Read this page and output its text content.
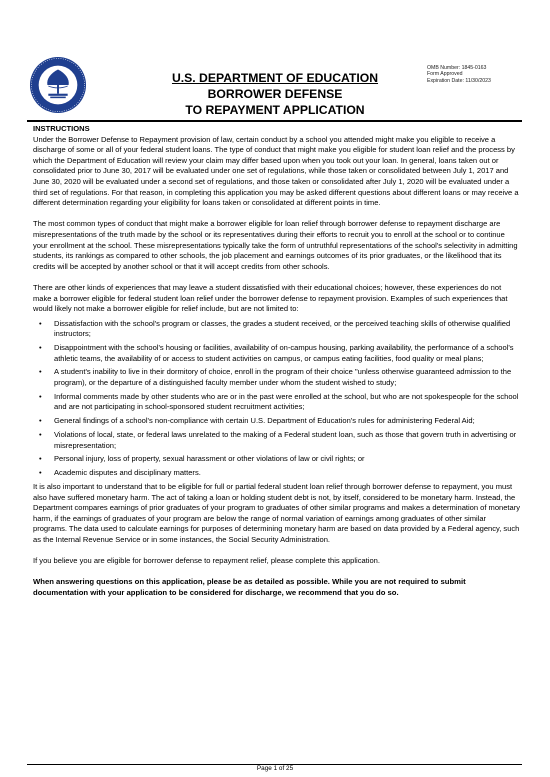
U.S. DEPARTMENT OF EDUCATION
BORROWER DEFENSE
TO REPAYMENT APPLICATION
OMB Number: 1845-0163
Form Approved
Expiration Date: 11/30/2023

INSTRUCTIONS

Under the Borrower Defense to Repayment provision of law, certain conduct by a school you attended might make you eligible to receive a discharge of some or all of your federal student loans. The type of conduct that might make you eligible for student loan relief and the process by which the Department of Education will review your claim may differ based upon when you took out your loan. In general, loans taken out or consolidated prior to June 30, 2017 will be evaluated under one set of regulations, while those taken or consolidated between July 1, 2017 and June 30, 2020 will be evaluated under a second set of regulations, and those taken or consolidated after July 1, 2020 will be evaluated under a third set of regulations. For that reason, in completing this application you may be asked different questions about different loans or may receive a different determination regarding your eligibility for loans taken or consolidated at different points in time.

The most common types of conduct that might make a borrower eligible for loan relief through borrower defense to repayment discharge are misrepresentations of the truth made by the school or its representatives during their efforts to recruit you to enroll at the school or to continue your enrollment at the school. These misrepresentations typically take the form of untruthful representations of the school's selectivity in admitting students, its rankings as compared to other schools, the job placement and earnings outcomes of its prior graduates, or the likelihood that its credits will be accepted by another school or that it will accept credits from other schools.

There are other kinds of experiences that may leave a student dissatisfied with their educational choices; however, these experiences do not make a borrower eligible for federal student loan relief under the borrower defense to repayment provision. Examples of such experiences that would likely not make a borrower eligible for relief include, but are not limited to:

• Dissatisfaction with the school's program or classes, the grades a student received, or the perceived teaching skills of otherwise qualified instructors;
• Disappointment with the school's housing or facilities, availability of on-campus housing, parking availability, the performance of a school's athletic teams, the availability of or access to student activities on campus, or campus eating facilities, food quality or meal plans;
• A student's inability to live in their dormitory of choice, enroll in the program of their choice "unless otherwise guaranteed admission to the program), or the departure of a distinguished faculty member under whom the student wished to study;
• Informal comments made by other students who are or in the past were enrolled at the school, but who are not spokespeople for the school and are not participating in school-sponsored student recruitment activities;
• General findings of a school's non-compliance with certain U.S. Department of Education's rules for administering Federal Aid;
• Violations of local, state, or federal laws unrelated to the making of a Federal student loan, such as those that govern truth in advertising or misrepresentation;
• Personal injury, loss of property, sexual harassment or other violations of law or civil rights; or
• Academic disputes and disciplinary matters.

It is also important to understand that to be eligible for full or partial federal student loan relief through borrower defense to repayment, you must also have suffered monetary harm. The act of taking a loan or holding student debt is not, by itself, considered to be monetary harm. Instead, the Department compares earnings of prior graduates of your program to graduates of other similar programs and makes a determination of monetary harm, if the earnings of graduates of your program are below the range of normal variation of earnings among graduates of other similar programs. The data used to calculate earnings for purposes of determining monetary harm are based on data provided by a Federal agency, such as the Internal Revenue Service or in some instances, the Social Security Administration.

If you believe you are eligible for borrower defense to repayment relief, please complete this application.

When answering questions on this application, please be as detailed as possible. While you are not required to submit documentation with your application to be considered for discharge, we recommend that you do so.

Page 1 of 25
